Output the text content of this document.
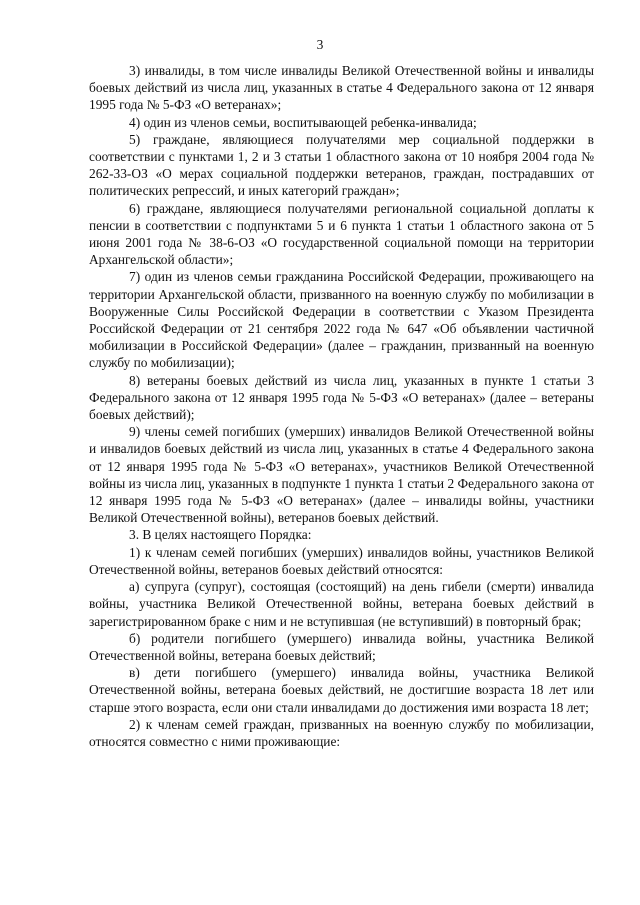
3

3) инвалиды, в том числе инвалиды Великой Отечественной войны и инвалиды боевых действий из числа лиц, указанных в статье 4 Федерального закона от 12 января 1995 года № 5-ФЗ «О ветеранах»;

4) один из членов семьи, воспитывающей ребенка-инвалида;

5) граждане, являющиеся получателями мер социальной поддержки в соответствии с пунктами 1, 2 и 3 статьи 1 областного закона от 10 ноября 2004 года № 262-33-ОЗ «О мерах социальной поддержки ветеранов, граждан, пострадавших от политических репрессий, и иных категорий граждан»;

6) граждане, являющиеся получателями региональной социальной доплаты к пенсии в соответствии с подпунктами 5 и 6 пункта 1 статьи 1 областного закона от 5 июня 2001 года № 38-6-ОЗ «О государственной социальной помощи на территории Архангельской области»;

7) один из членов семьи гражданина Российской Федерации, проживающего на территории Архангельской области, призванного на военную службу по мобилизации в Вооруженные Силы Российской Федерации в соответствии с Указом Президента Российской Федерации от 21 сентября 2022 года № 647 «Об объявлении частичной мобилизации в Российской Федерации» (далее – гражданин, призванный на военную службу по мобилизации);

8) ветераны боевых действий из числа лиц, указанных в пункте 1 статьи 3 Федерального закона от 12 января 1995 года № 5-ФЗ «О ветеранах» (далее – ветераны боевых действий);

9) члены семей погибших (умерших) инвалидов Великой Отечественной войны и инвалидов боевых действий из числа лиц, указанных в статье 4 Федерального закона от 12 января 1995 года № 5-ФЗ «О ветеранах», участников Великой Отечественной войны из числа лиц, указанных в подпункте 1 пункта 1 статьи 2 Федерального закона от 12 января 1995 года № 5-ФЗ «О ветеранах» (далее – инвалиды войны, участники Великой Отечественной войны), ветеранов боевых действий.

3. В целях настоящего Порядка:

1) к членам семей погибших (умерших) инвалидов войны, участников Великой Отечественной войны, ветеранов боевых действий относятся:

а) супруга (супруг), состоящая (состоящий) на день гибели (смерти) инвалида войны, участника Великой Отечественной войны, ветерана боевых действий в зарегистрированном браке с ним и не вступившая (не вступивший) в повторный брак;

б) родители погибшего (умершего) инвалида войны, участника Великой Отечественной войны, ветерана боевых действий;

в) дети погибшего (умершего) инвалида войны, участника Великой Отечественной войны, ветерана боевых действий, не достигшие возраста 18 лет или старше этого возраста, если они стали инвалидами до достижения ими возраста 18 лет;

2) к членам семей граждан, призванных на военную службу по мобилизации, относятся совместно с ними проживающие:
